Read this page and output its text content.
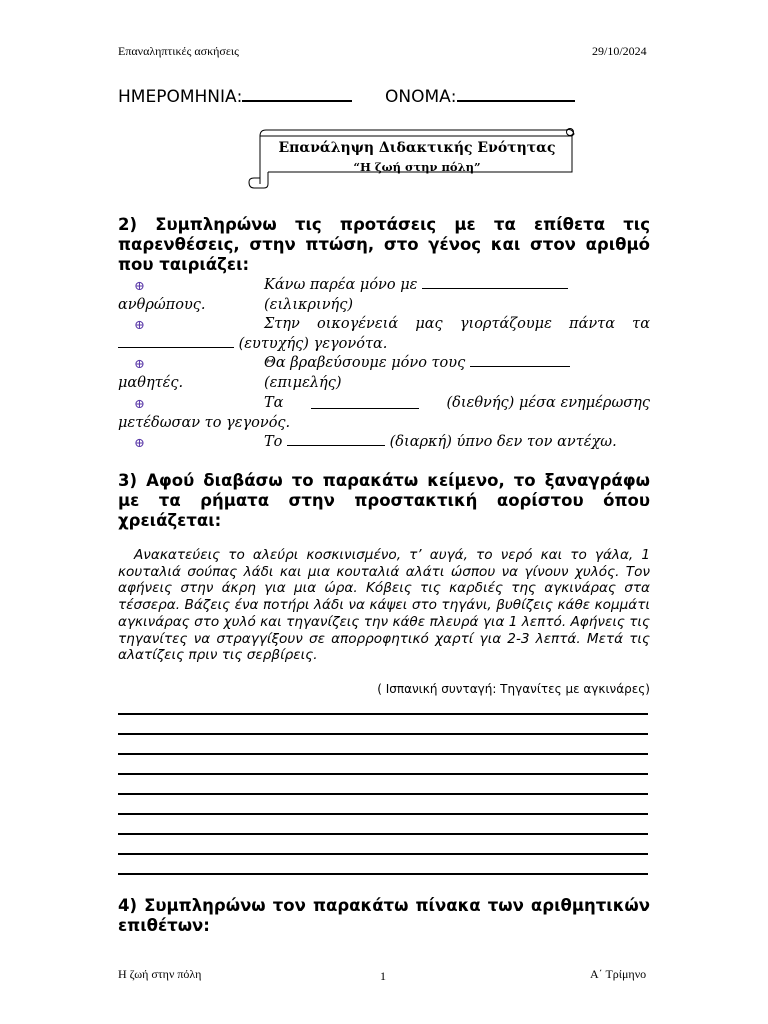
Επαναληπτικές ασκήσεις	29/10/2024
ΗΜΕΡΟΜΗΝΙΑ:	ΟΝΟΜΑ:
Επανάληψη Διδακτικής Ενότητας
“Η ζωή στην πόλη”
2) Συμπληρώνω τις προτάσεις με τα επίθετα τις παρενθέσεις, στην πτώση, στο γένος και στον αριθμό που ταιριάζει:
⊕	Κάνω παρέα μόνο με  (ειλικρινής)
ανθρώπους.
⊕	Στην οικογένειά μας γιορτάζουμε πάντα τα
(ευτυχής) γεγονότα.
⊕	Θα βραβεύσουμε μόνο τους  (επιμελής)
μαθητές.
⊕	Τα	(διεθνής) μέσα ενημέρωσης
μετέδωσαν το γεγονός.
⊕	Το	(διαρκή) ύπνο δεν τον αντέχω.
3) Αφού διαβάσω το παρακάτω κείμενο, το ξαναγράφω με τα ρήματα στην προστακτική αορίστου όπου χρειάζεται:
Ανακατεύεις το αλεύρι κοσκινισμένο, τ’ αυγά, το νερό και το γάλα, 1 κουταλιά σούπας λάδι και μια κουταλιά αλάτι ώσπου να γίνουν χυλός. Τον αφήνεις στην άκρη για μια ώρα. Κόβεις τις καρδιές της αγκινάρας στα τέσσερα. Βάζεις ένα ποτήρι λάδι να κάψει στο τηγάνι, βυθίζεις κάθε κομμάτι αγκινάρας στο χυλό και τηγανίζεις την κάθε πλευρά για 1 λεπτό. Αφήνεις τις τηγανίτες να στραγγίξουν σε απορροφητικό χαρτί για 2-3 λεπτά. Μετά τις αλατίζεις πριν τις σερβίρεις.
( Ισπανική συνταγή: Τηγανίτες με αγκινάρες)
4) Συμπληρώνω τον παρακάτω πίνακα των αριθμητικών επιθέτων:
Η ζωή στην πόλη	1	Α΄ Τρίμηνο
